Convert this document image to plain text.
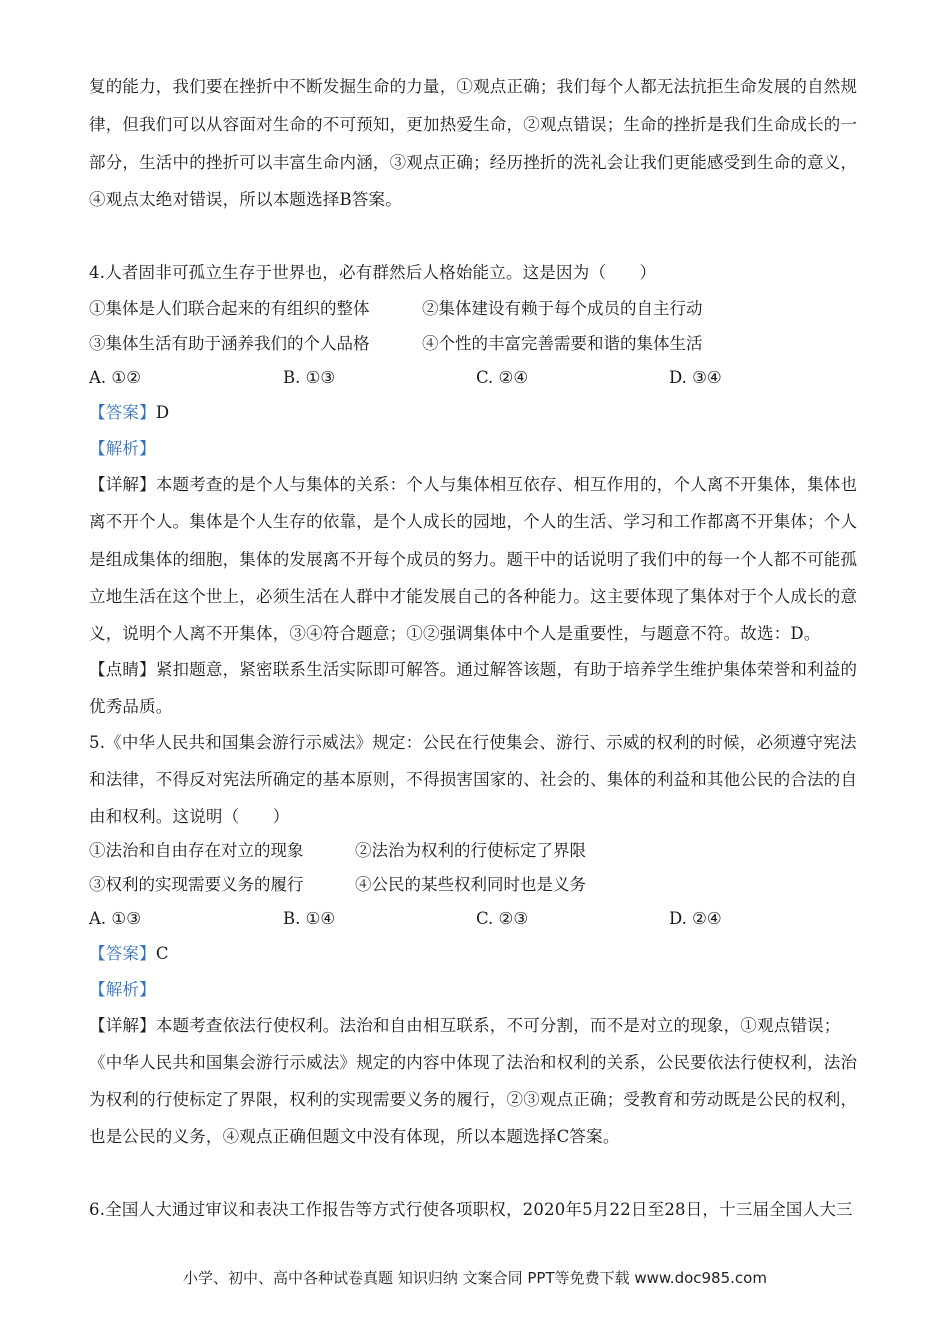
复的能力，我们要在挫折中不断发掘生命的力量，①观点正确；我们每个人都无法抗拒生命发展的自然规
律，但我们可以从容面对生命的不可预知，更加热爱生命，②观点错误；生命的挫折是我们生命成长的一
部分，生活中的挫折可以丰富生命内涵，③观点正确；经历挫折的洗礼会让我们更能感受到生命的意义，
④观点太绝对错误，所以本题选择B答案。
4.人者固非可孤立生存于世界也，必有群然后人格始能立。这是因为（　　）
①集体是人们联合起来的有组织的整体	②集体建设有赖于每个成员的自主行动
③集体生活有助于涵养我们的个人品格	④个性的丰富完善需要和谐的集体生活
A. ①②	B. ①③	C. ②④	D. ③④
【答案】D
【解析】
【详解】本题考查的是个人与集体的关系：个人与集体相互依存、相互作用的，个人离不开集体，集体也
离不开个人。集体是个人生存的依靠，是个人成长的园地，个人的生活、学习和工作都离不开集体；个人
是组成集体的细胞，集体的发展离不开每个成员的努力。题干中的话说明了我们中的每一个人都不可能孤
立地生活在这个世上，必须生活在人群中才能发展自己的各种能力。这主要体现了集体对于个人成长的意
义，说明个人离不开集体，③④符合题意；①②强调集体中个人是重要性，与题意不符。故选：D。
【点睛】紧扣题意，紧密联系生活实际即可解答。通过解答该题，有助于培养学生维护集体荣誉和利益的
优秀品质。
5.《中华人民共和国集会游行示威法》规定：公民在行使集会、游行、示威的权利的时候，必须遵守宪法
和法律，不得反对宪法所确定的基本原则，不得损害国家的、社会的、集体的利益和其他公民的合法的自
由和权利。这说明（　　）
①法治和自由存在对立的现象	②法治为权利的行使标定了界限
③权利的实现需要义务的履行	④公民的某些权利同时也是义务
A. ①③	B. ①④	C. ②③	D. ②④
【答案】C
【解析】
【详解】本题考查依法行使权利。法治和自由相互联系，不可分割，而不是对立的现象，①观点错误；
《中华人民共和国集会游行示威法》规定的内容中体现了法治和权利的关系，公民要依法行使权利，法治
为权利的行使标定了界限，权利的实现需要义务的履行，②③观点正确；受教育和劳动既是公民的权利，
也是公民的义务，④观点正确但题文中没有体现，所以本题选择C答案。
6.全国人大通过审议和表决工作报告等方式行使各项职权，2020年5月22日至28日，十三届全国人大三
小学、初中、高中各种试卷真题 知识归纳 文案合同 PPT等免费下载 www.doc985.com
